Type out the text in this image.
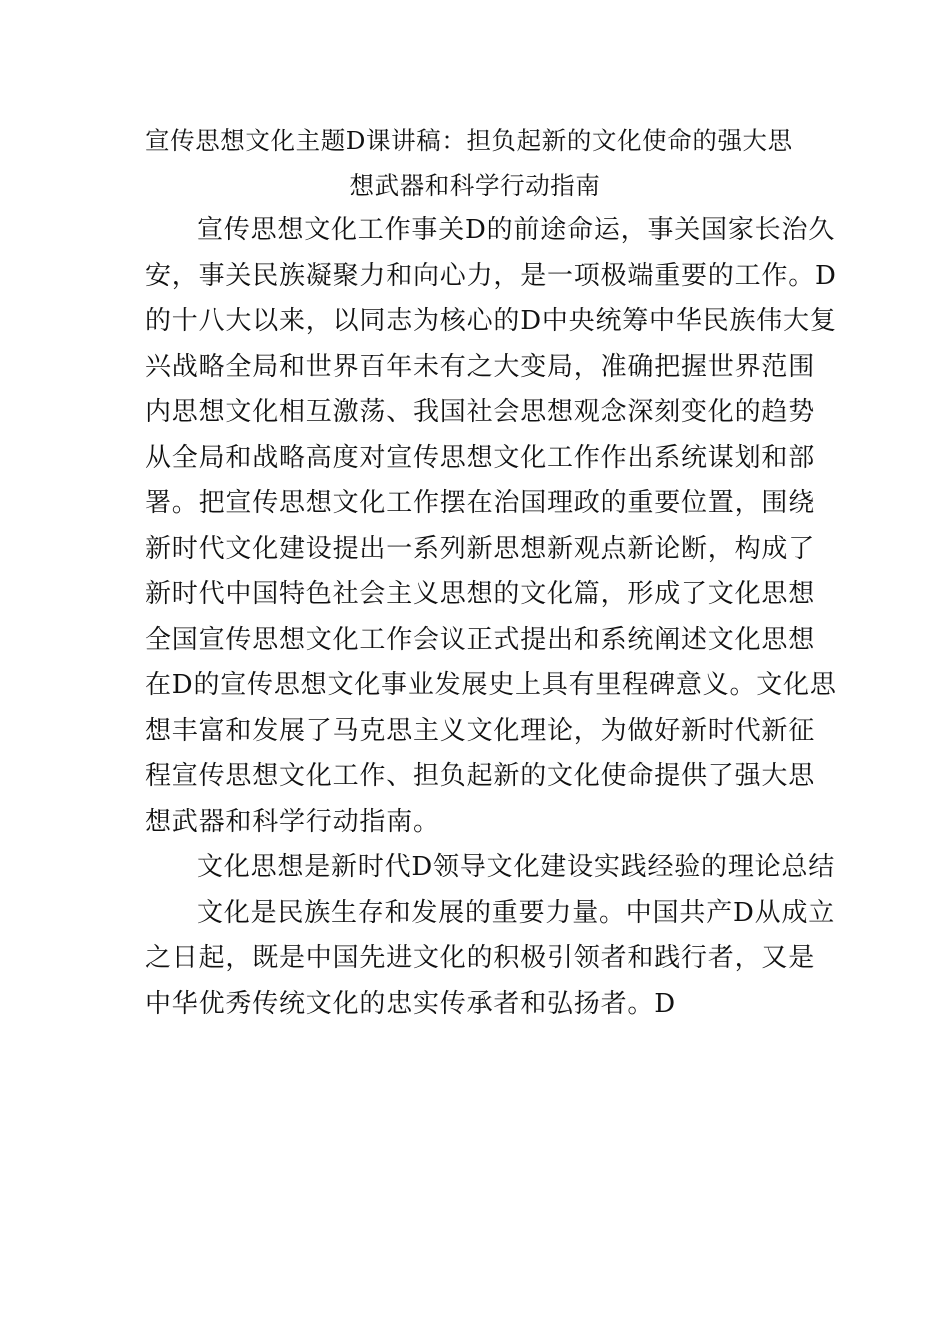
宣传思想文化主题D课讲稿：担负起新的文化使命的强大思
想武器和科学行动指南
宣传思想文化工作事关D的前途命运，事关国家长治久
安，事关民族凝聚力和向心力，是一项极端重要的工作。D
的十八大以来，以同志为核心的D中央统筹中华民族伟大复
兴战略全局和世界百年未有之大变局，准确把握世界范围
内思想文化相互激荡、我国社会思想观念深刻变化的趋势
从全局和战略高度对宣传思想文化工作作出系统谋划和部
署。把宣传思想文化工作摆在治国理政的重要位置，围绕
新时代文化建设提出一系列新思想新观点新论断，构成了
新时代中国特色社会主义思想的文化篇，形成了文化思想
全国宣传思想文化工作会议正式提出和系统阐述文化思想
在D的宣传思想文化事业发展史上具有里程碑意义。文化思
想丰富和发展了马克思主义文化理论，为做好新时代新征
程宣传思想文化工作、担负起新的文化使命提供了强大思
想武器和科学行动指南。
文化思想是新时代D领导文化建设实践经验的理论总结
文化是民族生存和发展的重要力量。中国共产D从成立
之日起，既是中国先进文化的积极引领者和践行者，又是
中华优秀传统文化的忠实传承者和弘扬者。D
